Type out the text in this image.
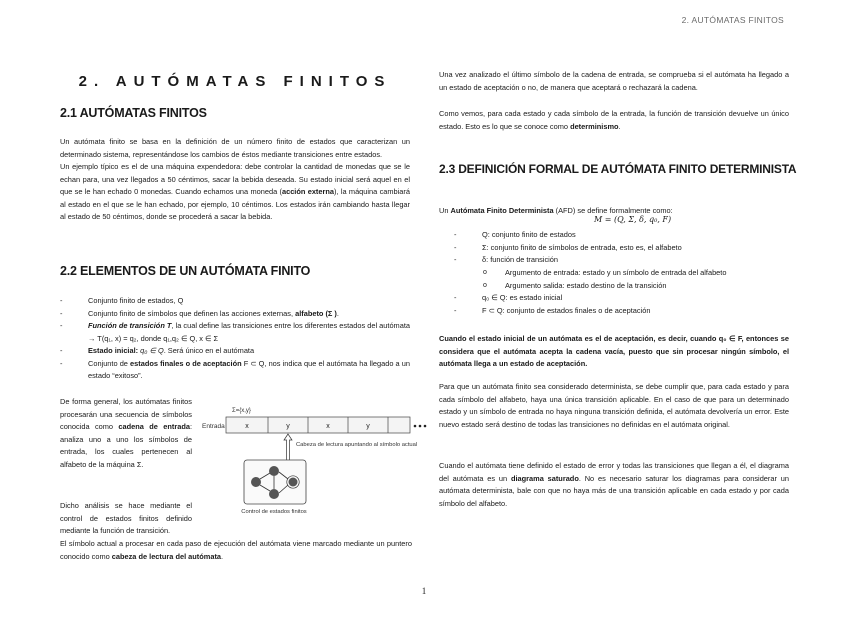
2. AUTÓMATAS FINITOS
2. AUTÓMATAS FINITOS
2.1 AUTÓMATAS FINITOS
Un autómata finito se basa en la definición de un número finito de estados que caracterizan un determinado sistema, representándose los cambios de éstos mediante transiciones entre estados.
Un ejemplo típico es el de una máquina expendedora: debe controlar la cantidad de monedas que se le echan para, una vez llegados a 50 céntimos, sacar la bebida deseada. Su estado inicial será aquel en el que se le han echado 0 monedas. Cuando echamos una moneda (acción externa), la máquina cambiará al estado en el que se le han echado, por ejemplo, 10 céntimos. Los estados irán cambiando hasta llegar al estado de 50 céntimos, donde se procederá a sacar la bebida.
2.2 ELEMENTOS DE UN AUTÓMATA FINITO
- Conjunto finito de estados, Q
- Conjunto finito de símbolos que definen las acciones externas, alfabeto (Σ ).
- Función de transición T, la cual define las transiciones entre los diferentes estados del autómata → T(q₁, x) = q₂, donde q₁,q₂ ∈ Q, x ∈ Σ
- Estado inicial: q₀ ∈ Q. Será único en el autómata
- Conjunto de estados finales o de aceptación F ⊂ Q, nos indica que el autómata ha llegado a un estado “exitoso”.
De forma general, los autómatas finitos procesarán una secuencia de símbolos conocida como cadena de entrada: analiza uno a uno los símbolos de entrada, los cuales pertenecen al alfabeto de la máquina Σ.
Dicho análisis se hace mediante el control de estados finitos definido mediante la función de transición.
El símbolo actual a procesar en cada paso de ejecución del autómata viene marcado mediante un puntero conocido como cabeza de lectura del autómata.
Σ={x,y}
Entrada	x	y	x	y
Cabeza de lectura apuntando al símbolo actual
Control de estados finitos
Una vez analizado el último símbolo de la cadena de entrada, se comprueba si el autómata ha llegado a un estado de aceptación o no, de manera que aceptará o rechazará la cadena.
Como vemos, para cada estado y cada símbolo de la entrada, la función de transición devuelve un único estado. Esto es lo que se conoce como determinismo.
2.3 DEFINICIÓN FORMAL DE AUTÓMATA FINITO DETERMINISTA
Un Autómata Finito Determinista (AFD) se define formalmente como:
M = (Q, Σ, δ, q₀, F)
- Q: conjunto finito de estados
- Σ: conjunto finito de símbolos de entrada, esto es, el alfabeto
- δ: función de transición
o Argumento de entrada: estado y un símbolo de entrada del alfabeto
o Argumento salida: estado destino de la transición
- q₀ ∈ Q: es estado inicial
- F ⊂ Q: conjunto de estados finales o de aceptación
Cuando el estado inicial de un autómata es el de aceptación, es decir, cuando q₀ ∈ F, entonces se considera que el autómata acepta la cadena vacía, puesto que sin procesar ningún símbolo, el autómata llega a un estado de aceptación.
Para que un autómata finito sea considerado determinista, se debe cumplir que, para cada estado y para cada símbolo del alfabeto, haya una única transición aplicable. En el caso de que para un determinado estado y un símbolo de entrada no haya ninguna transición definida, el autómata devolvería un error. Este nuevo estado será destino de todas las transiciones no definidas en el autómata original.
Cuando el autómata tiene definido el estado de error y todas las transiciones que llegan a él, el diagrama del autómata es un diagrama saturado. No es necesario saturar los diagramas para considerar un autómata determinista, bale con que no haya más de una transición aplicable en cada estado y por cada símbolo del alfabeto.
1
